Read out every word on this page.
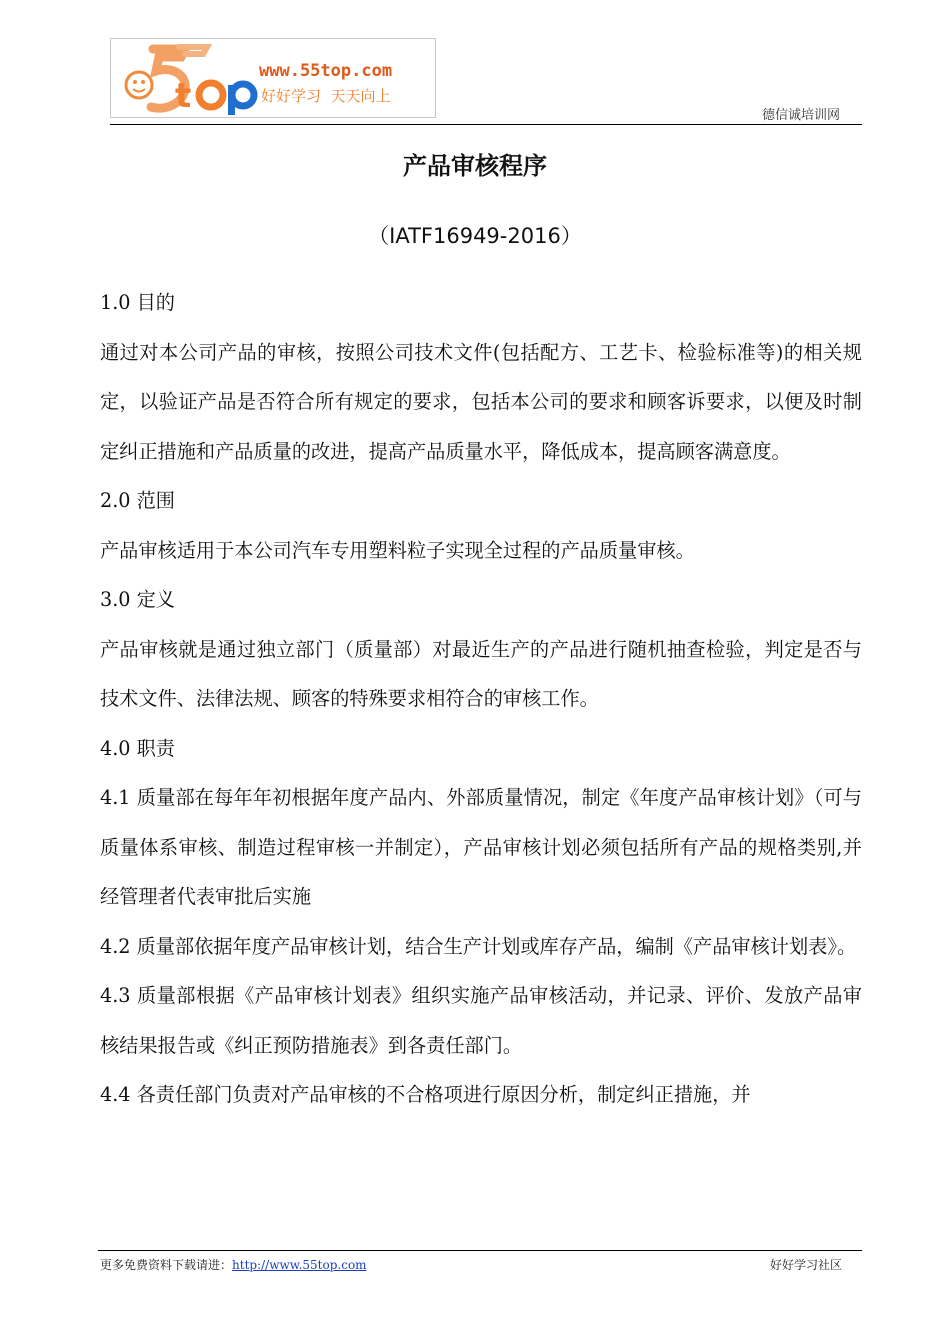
t
www.55top.com
好好学习  天天向上
德信诚培训网
产品审核程序
（IATF16949-2016）

1.0 目的

通过对本公司产品的审核，按照公司技术文件(包括配方、工艺卡、检验标准等)的相关规定，以验证产品是否符合所有规定的要求，包括本公司的要求和顾客诉要求，以便及时制定纠正措施和产品质量的改进，提高产品质量水平，降低成本，提高顾客满意度。

2.0 范围

产品审核适用于本公司汽车专用塑料粒子实现全过程的产品质量审核。

3.0 定义

产品审核就是通过独立部门（质量部）对最近生产的产品进行随机抽查检验，判定是否与技术文件、法律法规、顾客的特殊要求相符合的审核工作。

4.0 职责

4.1 质量部在每年年初根据年度产品内、外部质量情况，制定《年度产品审核计划》（可与质量体系审核、制造过程审核一并制定），产品审核计划必须包括所有产品的规格类别,并经管理者代表审批后实施

4.2 质量部依据年度产品审核计划，结合生产计划或库存产品，编制《产品审核计划表》。

4.3 质量部根据《产品审核计划表》组织实施产品审核活动，并记录、评价、发放产品审核结果报告或《纠正预防措施表》到各责任部门。

4.4 各责任部门负责对产品审核的不合格项进行原因分析，制定纠正措施，并

更多免费资料下载请进：http://www.55top.com	好好学习社区
